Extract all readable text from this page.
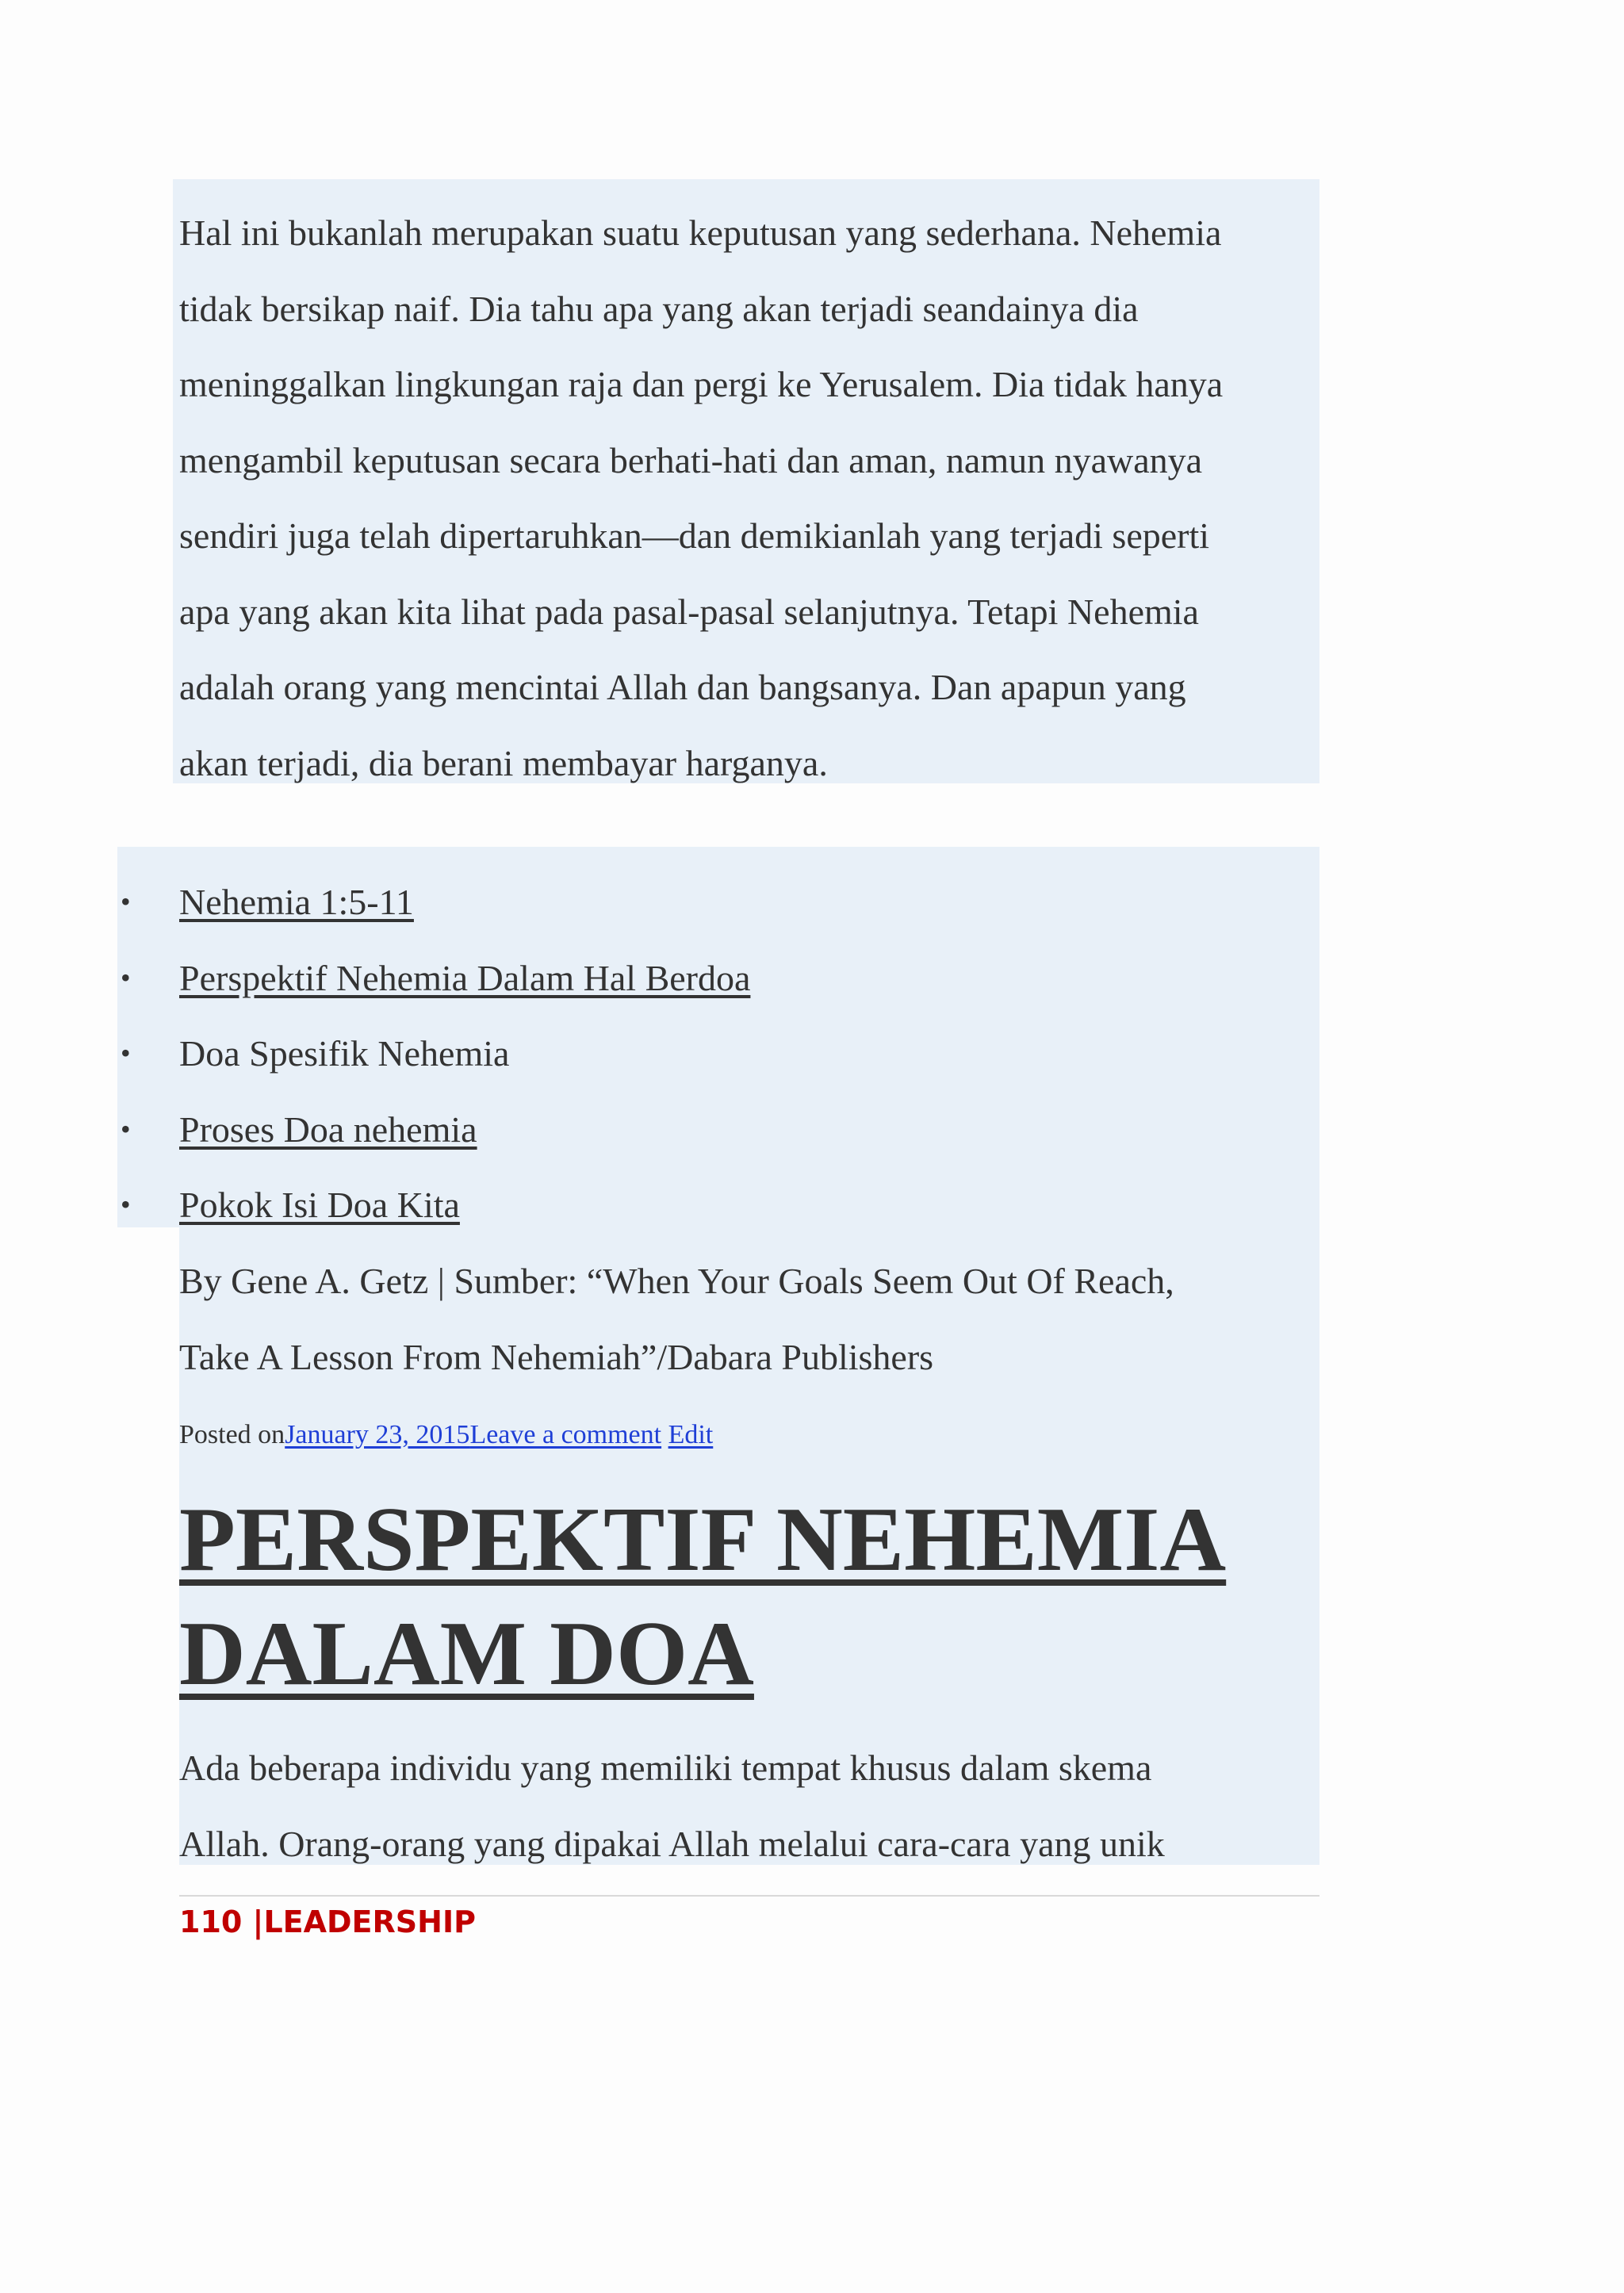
Hal ini bukanlah merupakan suatu keputusan yang sederhana. Nehemia
tidak bersikap naif. Dia tahu apa yang akan terjadi seandainya dia
meninggalkan lingkungan raja dan pergi ke Yerusalem. Dia tidak hanya
mengambil keputusan secara berhati-hati dan aman, namun nyawanya
sendiri juga telah dipertaruhkan—dan demikianlah yang terjadi seperti
apa yang akan kita lihat pada pasal-pasal selanjutnya. Tetapi Nehemia
adalah orang yang mencintai Allah dan bangsanya. Dan apapun yang
akan terjadi, dia berani membayar harganya.

•	Nehemia 1:5-11
•	Perspektif Nehemia Dalam Hal Berdoa
•	Doa Spesifik Nehemia
•	Proses Doa nehemia
•	Pokok Isi Doa Kita

By Gene A. Getz | Sumber: “When Your Goals Seem Out Of Reach,
Take A Lesson From Nehemiah”/Dabara Publishers

Posted onJanuary 23, 2015Leave a comment Edit

PERSPEKTIF NEHEMIA
DALAM DOA

Ada beberapa individu yang memiliki tempat khusus dalam skema
Allah. Orang-orang yang dipakai Allah melalui cara-cara yang unik

110 |LEADERSHIP
